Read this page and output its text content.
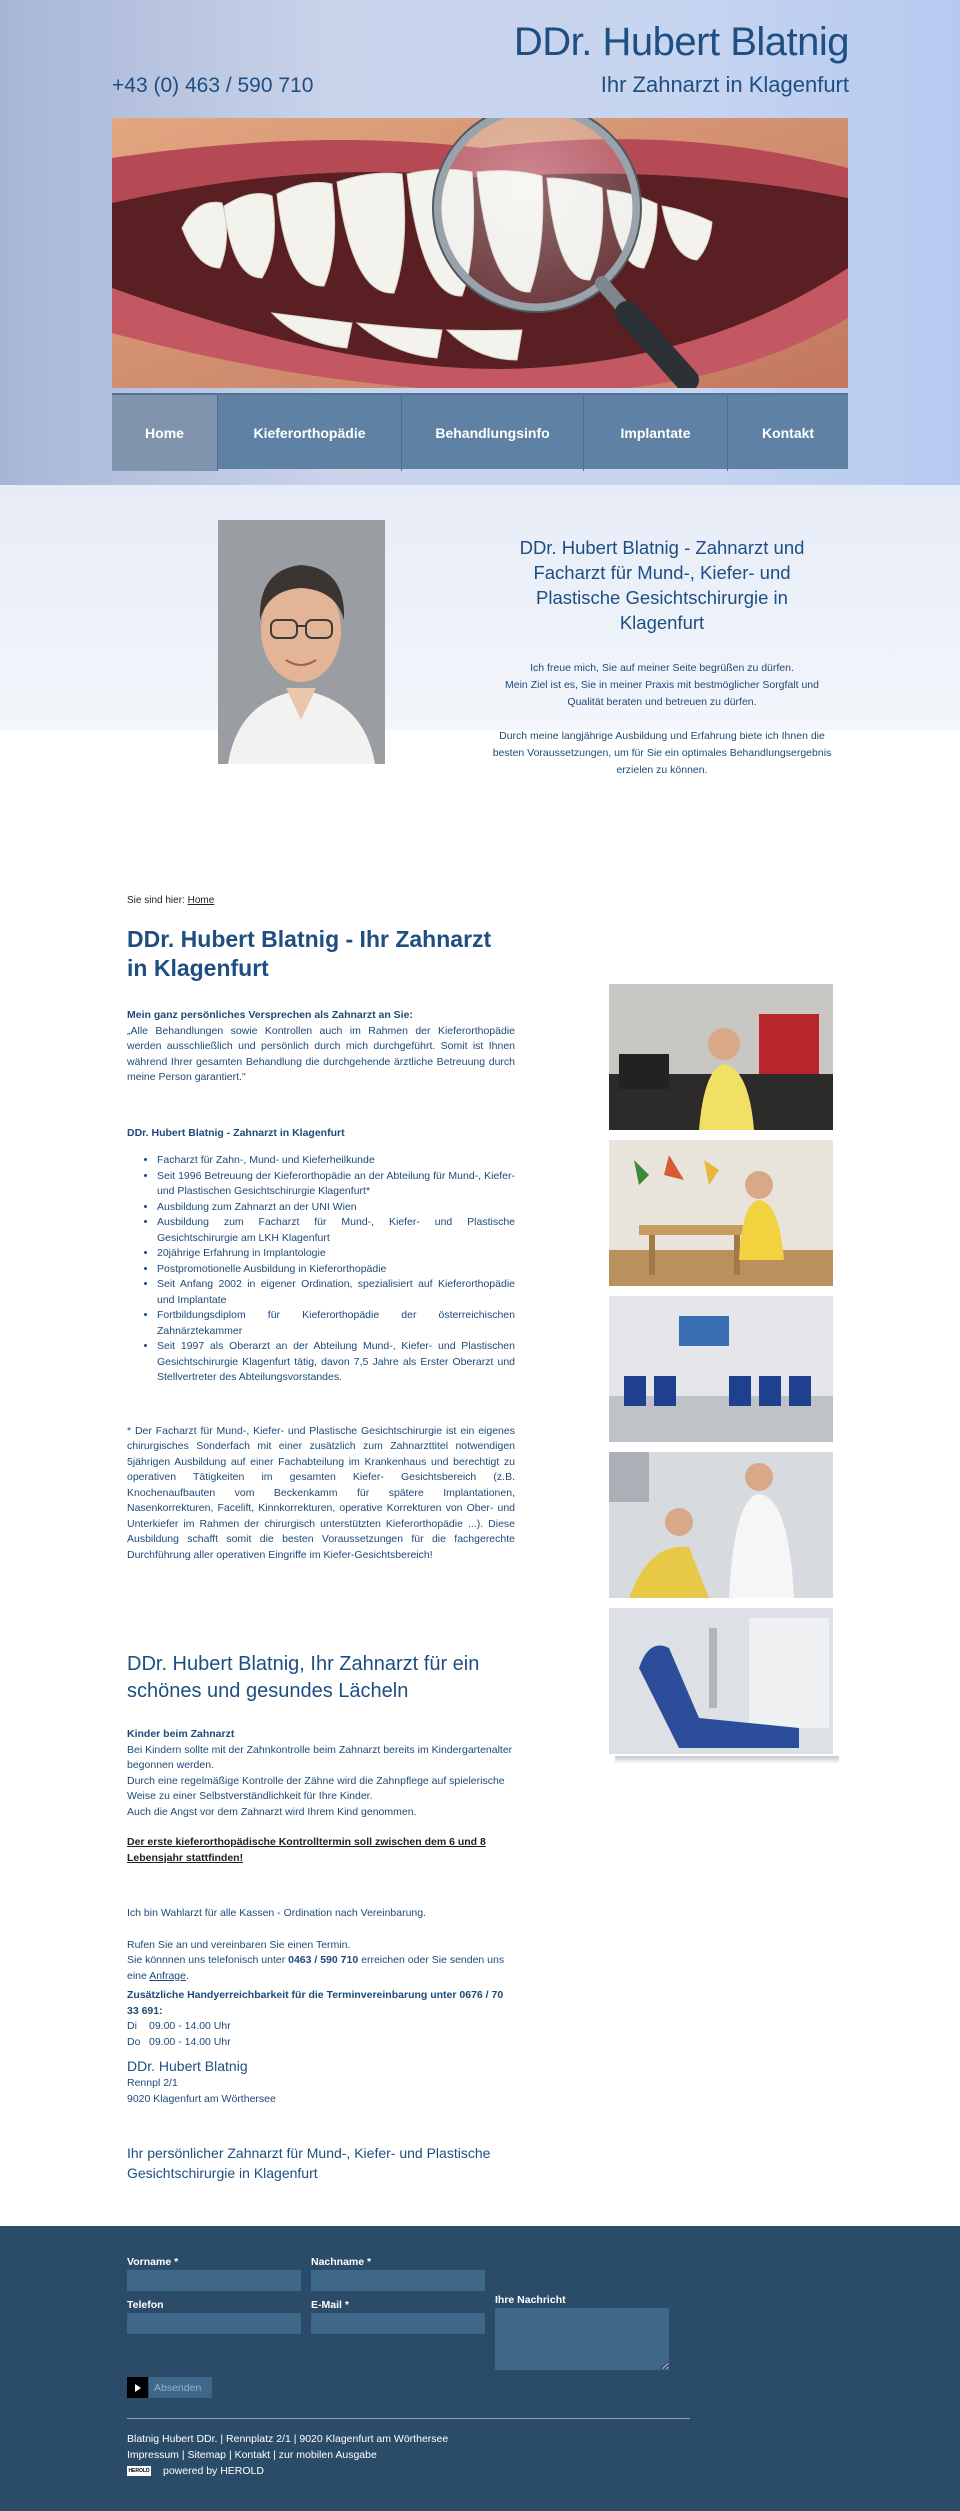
DDr. Hubert Blatnig
+43 (0) 463 / 590 710	Ihr Zahnarzt in Klagenfurt
Home	Kieferorthopädie	Behandlungsinfo	Implantate	Kontakt
DDr. Hubert Blatnig - Zahnarzt und Facharzt für Mund-, Kiefer- und Plastische Gesichtschirurgie in Klagenfurt

Ich freue mich, Sie auf meiner Seite begrüßen zu dürfen.
Mein Ziel ist es, Sie in meiner Praxis mit bestmöglicher Sorgfalt und Qualität beraten und betreuen zu dürfen.

Durch meine langjährige Ausbildung und Erfahrung biete ich Ihnen die besten Voraussetzungen, um für Sie ein optimales Behandlungsergebnis erzielen zu können.

Sie sind hier: Home
DDr. Hubert Blatnig - Ihr Zahnarzt in Klagenfurt
Mein ganz persönliches Versprechen als Zahnarzt an Sie:
„Alle Behandlungen sowie Kontrollen auch im Rahmen der Kieferorthopädie werden ausschließlich und persönlich durch mich durchgeführt. Somit ist Ihnen während Ihrer gesamten Behandlung die durchgehende ärztliche Betreuung durch meine Person garantiert."
DDr. Hubert Blatnig - Zahnarzt in Klagenfurt
• Facharzt für Zahn-, Mund- und Kieferheilkunde
• Seit 1996 Betreuung der Kieferorthopädie an der Abteilung für Mund-, Kiefer- und Plastischen Gesichtschirurgie Klagenfurt*
• Ausbildung zum Zahnarzt an der UNI Wien
• Ausbildung zum Facharzt für Mund-, Kiefer- und Plastische Gesichtschirurgie am LKH Klagenfurt
• 20jährige Erfahrung in Implantologie
• Postpromotionelle Ausbildung in Kieferorthopädie
• Seit Anfang 2002 in eigener Ordination, spezialisiert auf Kieferorthopädie und Implantate
• Fortbildungsdiplom für Kieferorthopädie der österreichischen Zahnärztekammer
• Seit 1997 als Oberarzt an der Abteilung Mund-, Kiefer- und Plastischen Gesichtschirurgie Klagenfurt tätig, davon 7,5 Jahre als Erster Oberarzt und Stellvertreter des Abteilungsvorstandes.
* Der Facharzt für Mund-, Kiefer- und Plastische Gesichtschirurgie ist ein eigenes chirurgisches Sonderfach mit einer zusätzlich zum Zahnarzttitel notwendigen 5jährigen Ausbildung auf einer Fachabteilung im Krankenhaus und berechtigt zu operativen Tätigkeiten im gesamten Kiefer- Gesichtsbereich (z.B. Knochenaufbauten vom Beckenkamm für spätere Implantationen, Nasenkorrekturen, Facelift, Kinnkorrekturen, operative Korrekturen von Ober- und Unterkiefer im Rahmen der chirurgisch unterstützten Kieferorthopädie ...). Diese Ausbildung schafft somit die besten Voraussetzungen für die fachgerechte Durchführung aller operativen Eingriffe im Kiefer-Gesichtsbereich!
DDr. Hubert Blatnig, Ihr Zahnarzt für ein schönes und gesundes Lächeln
Kinder beim Zahnarzt
Bei Kindern sollte mit der Zahnkontrolle beim Zahnarzt bereits im Kindergartenalter begonnen werden.
Durch eine regelmäßige Kontrolle der Zähne wird die Zahnpflege auf spielerische Weise zu einer Selbstverständlichkeit für Ihre Kinder.
Auch die Angst vor dem Zahnarzt wird Ihrem Kind genommen.
Der erste kieferorthopädische Kontrolltermin soll zwischen dem 6 und 8 Lebensjahr stattfinden!
Ich bin Wahlarzt für alle Kassen - Ordination nach Vereinbarung.
Rufen Sie an und vereinbaren Sie einen Termin.
Sie könnnen uns telefonisch unter 0463 / 590 710 erreichen oder Sie senden uns eine Anfrage.
Zusätzliche Handyerreichbarkeit für die Terminvereinbarung unter 0676 / 70 33 691:
Di 09.00 - 14.00 Uhr
Do 09.00 - 14.00 Uhr
DDr. Hubert Blatnig
Rennpl 2/1
9020 Klagenfurt am Wörthersee
Ihr persönlicher Zahnarzt für Mund-, Kiefer- und Plastische Gesichtschirurgie in Klagenfurt
Vorname *	Nachname *
Telefon	E-Mail *	Ihre Nachricht
Absenden
Blatnig Hubert DDr. | Rennplatz 2/1 | 9020 Klagenfurt am Wörthersee
Impressum | Sitemap | Kontakt | zur mobilen Ausgabe
HEROLD powered by HEROLD
